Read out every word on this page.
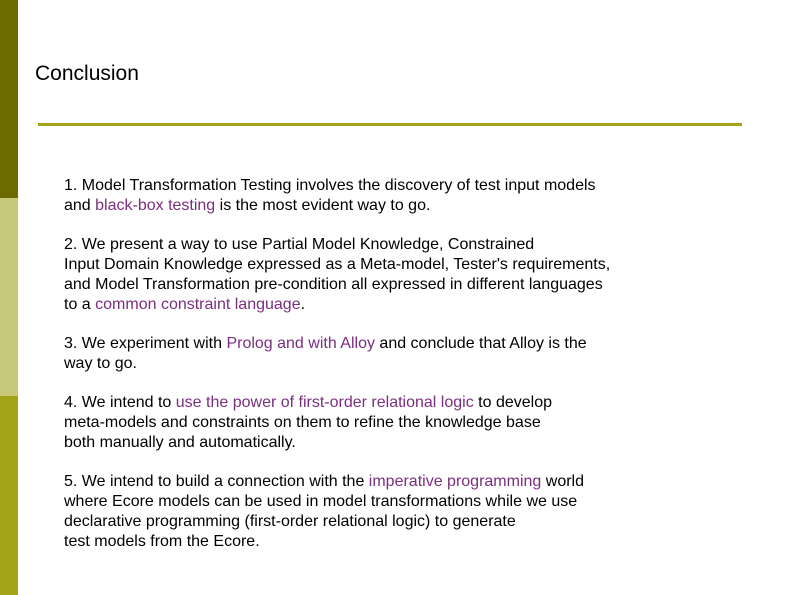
Conclusion
1. Model Transformation Testing involves the discovery of test input models
and black-box testing is the most evident way to go.
2. We present a way to use Partial Model Knowledge, Constrained
Input Domain Knowledge expressed as a Meta-model, Tester's requirements,
and Model Transformation pre-condition all expressed in different languages
to a common constraint language.
3. We experiment with Prolog and with Alloy and conclude that Alloy is the
way to go.
4. We intend to use the power of first-order relational logic to develop
meta-models and constraints on them to refine the knowledge base
both manually and automatically.
5. We intend to build a connection with the imperative programming world
where Ecore models can be used in model transformations while we use
declarative programming (first-order relational logic) to generate
test models from the Ecore.
